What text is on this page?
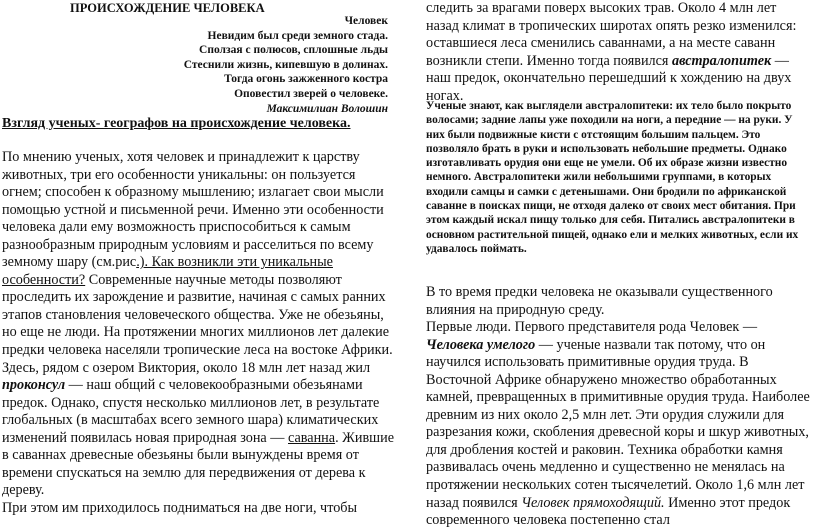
ПРОИСХОЖДЕНИЕ ЧЕЛОВЕКА
Человек
Невидим был среди земного стада.
Сползая с полюсов, сплошные льды
Стеснили жизнь, кипевшую в долинах.
Тогда огонь зажженного костра
Оповестил зверей о человеке.
Максимилиан Волошин
Взгляд ученых- географов на происхождение человека.

По мнению ученых, хотя человек и принадлежит к царству животных, три его особенности уникальны: он пользуется огнем; способен к образному мышлению; излагает свои мысли помощью устной и письменной речи. Именно эти особенности человека дали ему возможность приспособиться к самым разнообразным природным условиям и расселиться по всему земному шару (см.рис.). Как возникли эти уникальные особенности? Современные научные методы позволяют проследить их зарождение и развитие, начиная с самых ранних этапов становления человеческого общества. Уже не обезьяны, но еще не люди. На протяжении многих миллионов лет далекие предки человека населяли тропические леса на востоке Африки. Здесь, рядом с озером Виктория, около 18 млн лет назад жил проконсул — наш общий с человекообразными обезьянами предок. Однако, спустя несколько миллионов лет, в результате глобальных (в масштабах всего земного шара) климатических изменений появилась новая природная зона — саванна. Жившие в саваннах древесные обезьяны были вынуждены время от времени спускаться на землю для передвижения от дерева к дереву.

При этом им приходилось подниматься на две ноги, чтобы

следить за врагами поверх высоких трав. Около 4 млн лет назад климат в тропических широтах опять резко изменился: оставшиеся леса сменились саваннами, а на месте саванн возникли степи. Именно тогда появился австралопитек — наш предок, окончательно перешедший к хождению на двух ногах.

Ученые знают, как выглядели австралопитеки: их тело было покрыто волосами; задние лапы уже походили на ноги, а передние — на руки. У них были подвижные кисти с отстоящим большим пальцем. Это позволяло брать в руки и использовать небольшие предметы. Однако изготавливать орудия они еще не умели. Об их образе жизни известно немного. Австралопитеки жили небольшими группами, в которых входили самцы и самки с детенышами. Они бродили по африканской саванне в поисках пищи, не отходя далеко от своих мест обитания. При этом каждый искал пищу только для себя. Питались австралопитеки в основном растительной пищей, однако ели и мелких животных, если их удавалось поймать.

В то время предки человека не оказывали существенного влияния на природную среду.

Первые люди. Первого представителя рода Человек — Человека умелого — ученые назвали так потому, что он научился использовать примитивные орудия труда. В Восточной Африке обнаружено множество обработанных камней, превращенных в примитивные орудия труда. Наиболее древним из них около 2,5 млн лет. Эти орудия служили для разрезания кожи, скобления древесной коры и шкур животных, для дробления костей и раковин. Техника обработки камня развивалась очень медленно и существенно не менялась на протяжении нескольких сотен тысячелетий. Около 1,6 млн лет назад появился Человек прямоходящий. Именно этот предок современного человека постепенно стал
